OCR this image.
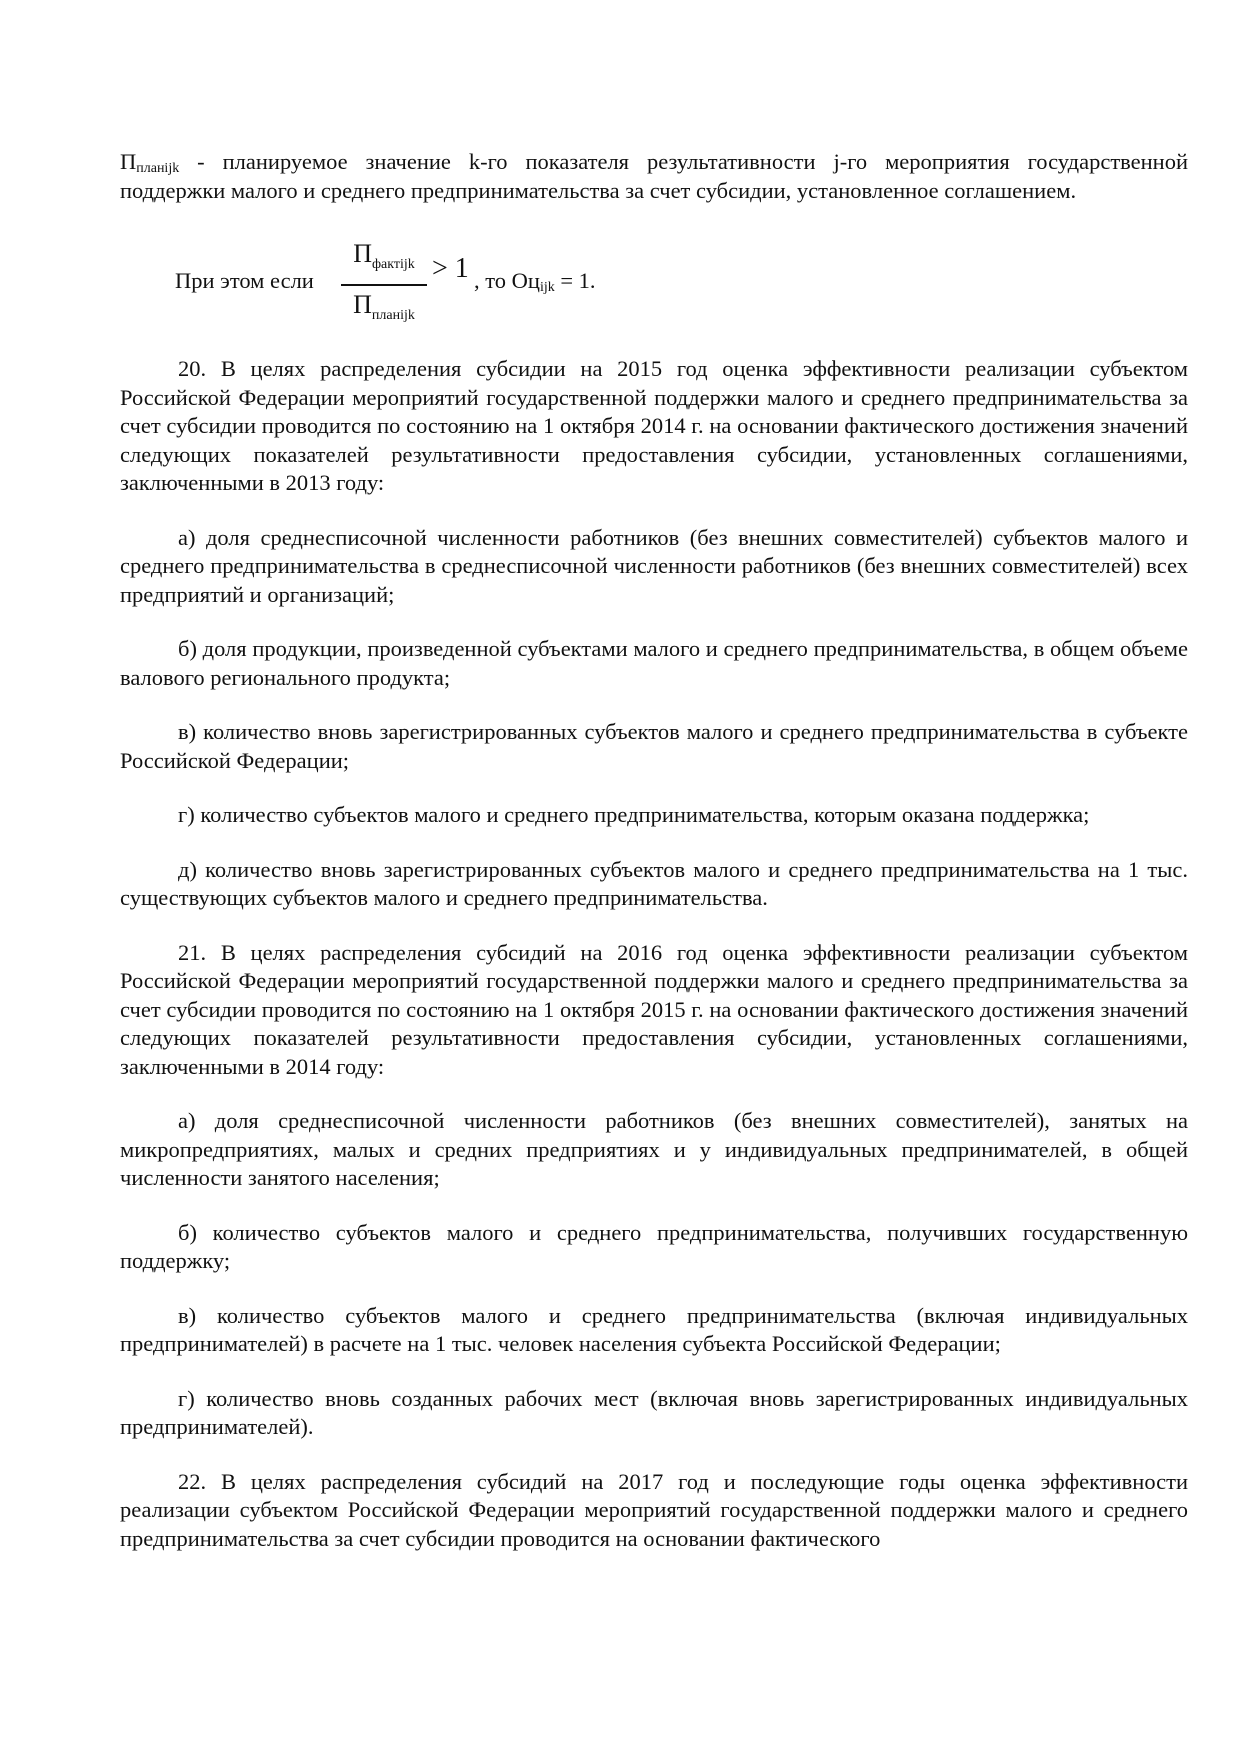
$П_{планijk}$ - планируемое значение k-го показателя результативности j-го мероприятия государственной поддержки малого и среднего предпринимательства за счет субсидии, установленное соглашением.

При этом если
$П_{фактijk}$
$П_{планijk}$
> 1 , то $Оц_{ijk} = 1$.

20. В целях распределения субсидии на 2015 год оценка эффективности реализации субъектом Российской Федерации мероприятий государственной поддержки малого и среднего предпринимательства за счет субсидии проводится по состоянию на 1 октября 2014 г. на основании фактического достижения значений следующих показателей результативности предоставления субсидии, установленных соглашениями, заключенными в 2013 году:

а) доля среднесписочной численности работников (без внешних совместителей) субъектов малого и среднего предпринимательства в среднесписочной численности работников (без внешних совместителей) всех предприятий и организаций;

б) доля продукции, произведенной субъектами малого и среднего предпринимательства, в общем объеме валового регионального продукта;

в) количество вновь зарегистрированных субъектов малого и среднего предпринимательства в субъекте Российской Федерации;

г) количество субъектов малого и среднего предпринимательства, которым оказана поддержка;

д) количество вновь зарегистрированных субъектов малого и среднего предпринимательства на 1 тыс. существующих субъектов малого и среднего предпринимательства.

21. В целях распределения субсидий на 2016 год оценка эффективности реализации субъектом Российской Федерации мероприятий государственной поддержки малого и среднего предпринимательства за счет субсидии проводится по состоянию на 1 октября 2015 г. на основании фактического достижения значений следующих показателей результативности предоставления субсидии, установленных соглашениями, заключенными в 2014 году:

а) доля среднесписочной численности работников (без внешних совместителей), занятых на микропредприятиях, малых и средних предприятиях и у индивидуальных предпринимателей, в общей численности занятого населения;

б) количество субъектов малого и среднего предпринимательства, получивших государственную поддержку;

в) количество субъектов малого и среднего предпринимательства (включая индивидуальных предпринимателей) в расчете на 1 тыс. человек населения субъекта Российской Федерации;

г) количество вновь созданных рабочих мест (включая вновь зарегистрированных индивидуальных предпринимателей).

22. В целях распределения субсидий на 2017 год и последующие годы оценка эффективности реализации субъектом Российской Федерации мероприятий государственной поддержки малого и среднего предпринимательства за счет субсидии проводится на основании фактического
